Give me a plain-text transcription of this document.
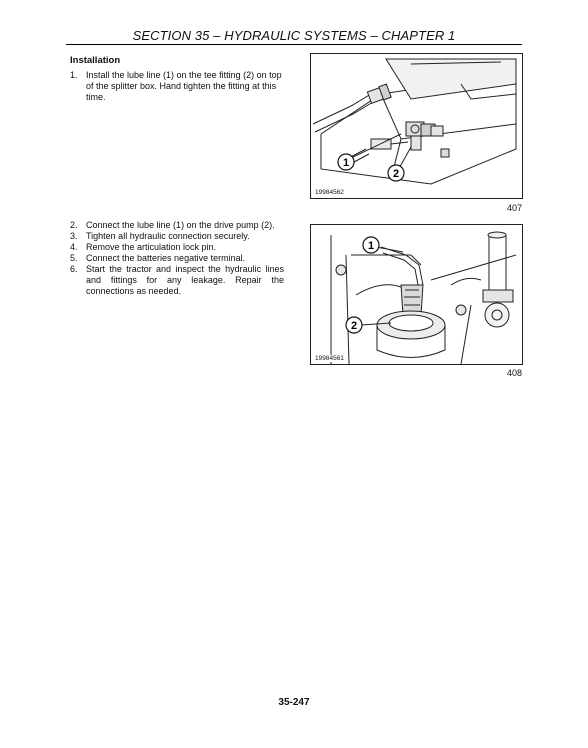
SECTION 35 – HYDRAULIC SYSTEMS – CHAPTER 1
Installation
1. Install the lube line (1) on the tee fitting (2) on top of the splitter box. Hand tighten the fitting at this time.
2. Connect the lube line (1) on the drive pump (2).
3. Tighten all hydraulic connection securely.
4. Remove the articulation lock pin.
5. Connect the batteries negative terminal.
6. Start the tractor and inspect the hydraulic lines and fittings for any leakage. Repair the connections as needed.
1
2
19984562
407
1
2
19984561
408
35-247
